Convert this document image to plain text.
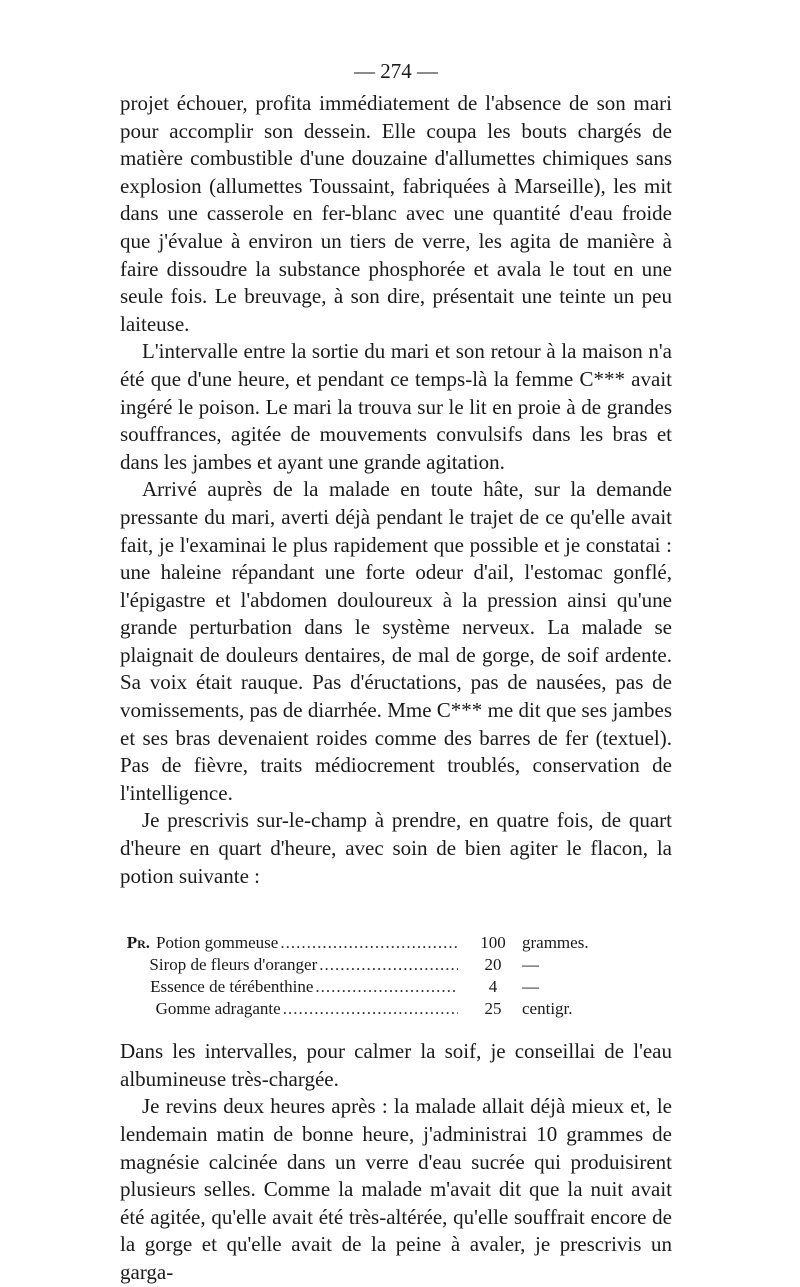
— 274 —

projet échouer, profita immédiatement de l'absence de son mari pour accomplir son dessein. Elle coupa les bouts chargés de matière combustible d'une douzaine d'allumettes chimiques sans explosion (allumettes Toussaint, fabriquées à Marseille), les mit dans une casserole en fer-blanc avec une quantité d'eau froide que j'évalue à environ un tiers de verre, les agita de manière à faire dissoudre la substance phosphorée et avala le tout en une seule fois. Le breuvage, à son dire, présentait une teinte un peu laiteuse.

L'intervalle entre la sortie du mari et son retour à la maison n'a été que d'une heure, et pendant ce temps-là la femme C*** avait ingéré le poison. Le mari la trouva sur le lit en proie à de grandes souffrances, agitée de mouvements convulsifs dans les bras et dans les jambes et ayant une grande agitation.

Arrivé auprès de la malade en toute hâte, sur la demande pressante du mari, averti déjà pendant le trajet de ce qu'elle avait fait, je l'examinai le plus rapidement que possible et je constatai : une haleine répandant une forte odeur d'ail, l'estomac gonflé, l'épigastre et l'abdomen douloureux à la pression ainsi qu'une grande perturbation dans le système nerveux. La malade se plaignait de douleurs dentaires, de mal de gorge, de soif ardente. Sa voix était rauque. Pas d'éructations, pas de nausées, pas de vomissements, pas de diarrhée. Mme C*** me dit que ses jambes et ses bras devenaient roides comme des barres de fer (textuel). Pas de fièvre, traits médiocrement troublés, conservation de l'intelligence.

Je prescrivis sur-le-champ à prendre, en quatre fois, de quart d'heure en quart d'heure, avec soin de bien agiter le flacon, la potion suivante :

Pr. Potion gommeuse .....	100 grammes.
Sirop de fleurs d'oranger .....	20	—
Essence de térébenthine .....	4	—
Gomme adragante .....	25	centigr.

Dans les intervalles, pour calmer la soif, je conseillai de l'eau albumineuse très-chargée.

Je revins deux heures après : la malade allait déjà mieux et, le lendemain matin de bonne heure, j'administrai 10 grammes de magnésie calcinée dans un verre d'eau sucrée qui produisirent plusieurs selles. Comme la malade m'avait dit que la nuit avait été agitée, qu'elle avait été très-altérée, qu'elle souffrait encore de la gorge et qu'elle avait de la peine à avaler, je prescrivis un garga-
